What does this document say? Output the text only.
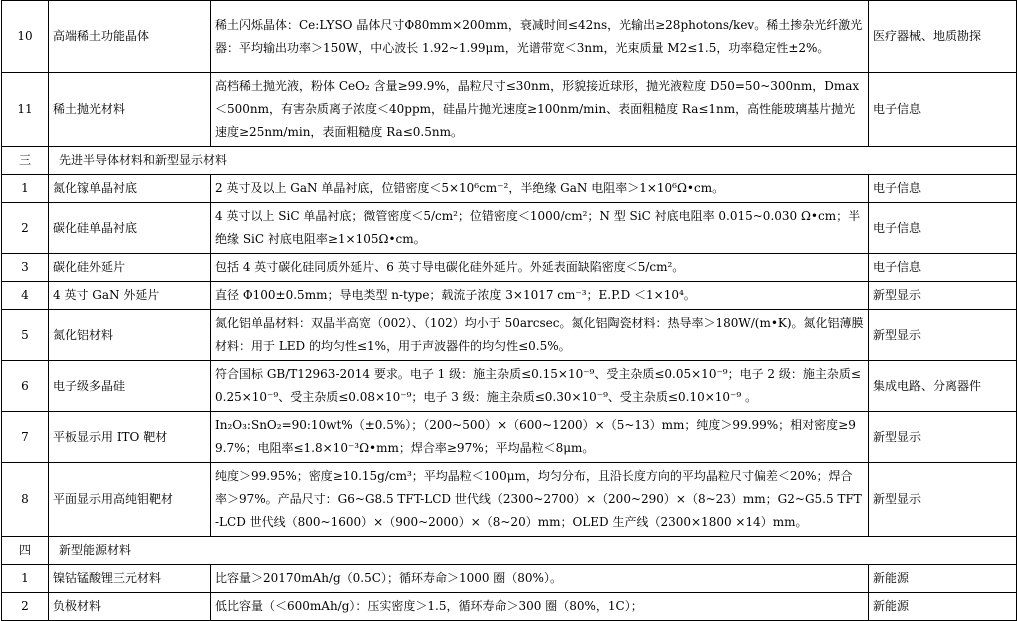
10	高端稀土功能晶体	稀土闪烁晶体：Ce:LYSO 晶体尺寸Φ80mm×200mm，衰减时间≤42ns，光输出≥28photons/kev。稀土掺杂光纤激光器：平均输出功率＞150W，中心波长 1.92~1.99μm，光谱带宽＜3nm，光束质量 M2≤1.5，功率稳定性±2%。	医疗器械、地质勘探
11	稀土抛光材料	高档稀土抛光液，粉体 CeO₂ 含量≥99.9%，晶粒尺寸≤30nm，形貌接近球形，抛光液粒度 D50=50~300nm，Dmax＜500nm，有害杂质离子浓度＜40ppm，硅晶片抛光速度≥100nm/min、表面粗糙度 Ra≤1nm，高性能玻璃基片抛光速度≥25nm/min，表面粗糙度 Ra≤0.5nm。	电子信息
三	先进半导体材料和新型显示材料		
1	氮化镓单晶衬底	2 英寸及以上 GaN 单晶衬底，位错密度＜5×10⁶cm⁻²，半绝缘 GaN 电阻率＞1×10⁶Ω•cm。	电子信息
2	碳化硅单晶衬底	4 英寸以上 SiC 单晶衬底；微管密度＜5/cm²；位错密度＜1000/cm²；N 型 SiC 衬底电阻率 0.015~0.030 Ω•cm；半绝缘 SiC 衬底电阻率≥1×105Ω•cm。	电子信息
3	碳化硅外延片	包括 4 英寸碳化硅同质外延片、6 英寸导电碳化硅外延片。外延表面缺陷密度＜5/cm²。	电子信息
4	4 英寸 GaN 外延片	直径 Φ100±0.5mm；导电类型 n-type；载流子浓度 3×1017 cm⁻³；E.P.D ＜1×10⁴。	新型显示
5	氮化铝材料	氮化铝单晶材料：双晶半高宽（002）、（102）均小于 50arcsec。氮化铝陶瓷材料：热导率＞180W/(m•K)。氮化铝薄膜材料：用于 LED 的均匀性≤1%，用于声波器件的均匀性≤0.5%。	新型显示
6	电子级多晶硅	符合国标 GB/T12963-2014 要求。电子 1 级：施主杂质≤0.15×10⁻⁹、受主杂质≤0.05×10⁻⁹；电子 2 级：施主杂质≤0.25×10⁻⁹、受主杂质≤0.08×10⁻⁹；电子 3 级：施主杂质≤0.30×10⁻⁹、受主杂质≤0.10×10⁻⁹ 。	集成电路、分离器件
7	平板显示用 ITO 靶材	In₂O₃:SnO₂=90:10wt%（±0.5%）；（200~500）×（600~1200）×（5~13）mm；纯度＞99.99%；相对密度≥99.7%；电阻率≤1.8×10⁻³Ω•mm；焊合率≥97%；平均晶粒＜8μm。	新型显示
8	平面显示用高纯钼靶材	纯度＞99.95%；密度≥10.15g/cm³；平均晶粒＜100μm，均匀分布，且沿长度方向的平均晶粒尺寸偏差＜20%；焊合率＞97%。产品尺寸：G6~G8.5 TFT-LCD 世代线（2300~2700）×（200~290）×（8~23）mm；G2~G5.5 TFT-LCD 世代线（800~1600）×（900~2000）×（8~20）mm；OLED 生产线（2300×1800 ×14）mm。	新型显示
四	新型能源材料		
1	镍钴锰酸锂三元材料	比容量＞20170mAh/g（0.5C）；循环寿命＞1000 圈（80%）。	新能源
2	负极材料	低比容量（＜600mAh/g）：压实密度＞1.5，循环寿命＞300 圈（80%，1C）；	新能源
